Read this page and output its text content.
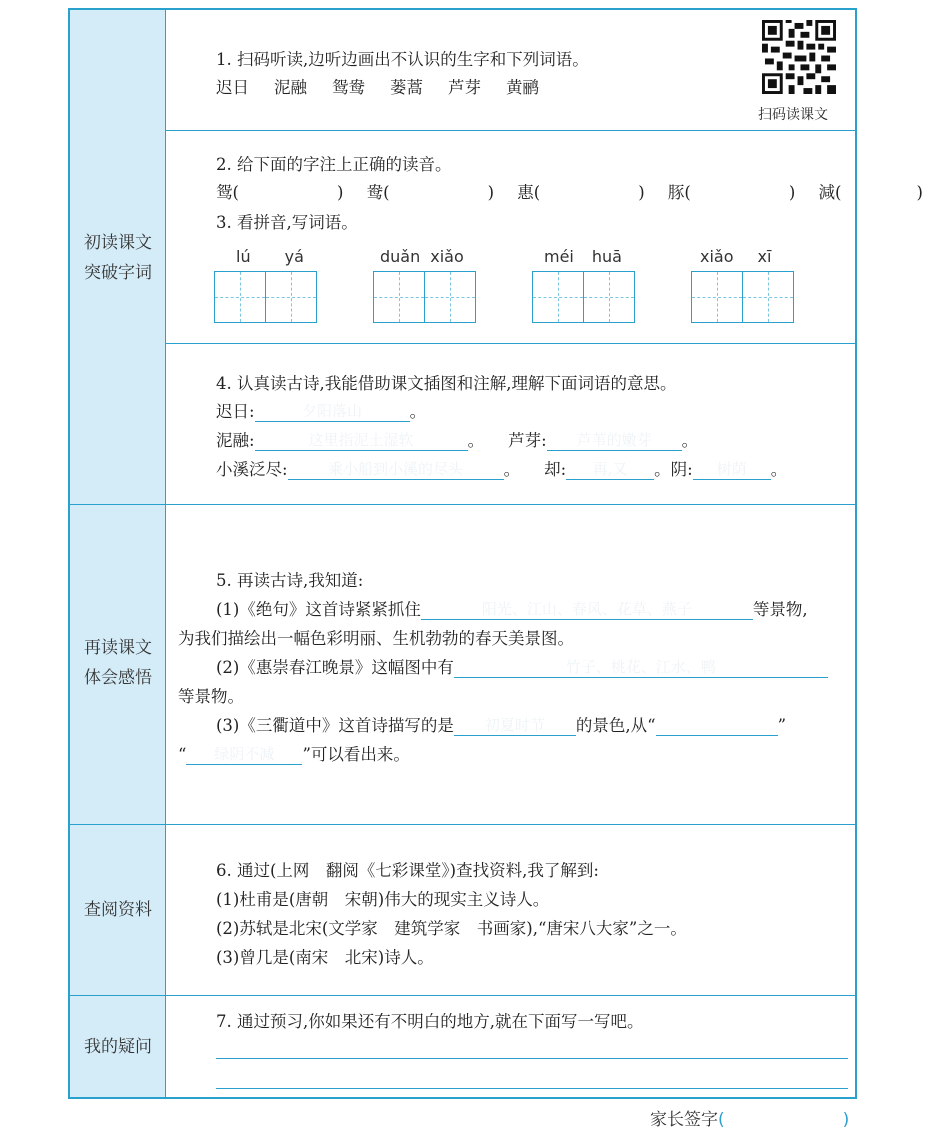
初读课文
突破字词
1. 扫码听读,边听边画出不认识的生字和下列词语。
迟日 泥融 鸳鸯 蒌蒿 芦芽 黄鹂
扫码读课文
2. 给下面的字注上正确的读音。
鸳(	) 鸯(	) 惠(	) 豚(	) 減(	)
3. 看拼音,写词语。
lú yá	duǎn xiǎo	méi huā	xiǎo xī
4. 认真读古诗,我能借助课文插图和注解,理解下面词语的意思。
迟日:	夕阳落山	。
泥融:	这里指泥土湿软	。 芦芽: 芦苇的嫩芽 。
小溪泛尽:	乘小船到小溪的尽头 。 却: 再,又 。阴: 树荫 。
再读课文
体会感悟
5. 再读古诗,我知道:
(1)《绝句》这首诗紧紧抓住	阳光、江山、春风、花草、燕子	等景物,
为我们描绘出一幅色彩明丽、生机勃勃的春天美景图。
(2)《惠崇春江晚景》这幅图中有	竹子、桃花、江水、鸭
等景物。
(3)《三衢道中》这首诗描写的是 初夏时节 的景色,从“	”
“ 绿阴不减 ”可以看出来。
查阅资料
6. 通过(上网　翻阅《七彩课堂》)查找资料,我了解到:
(1)杜甫是(唐朝　宋朝)伟大的现实主义诗人。
(2)苏轼是北宋(文学家　建筑学家　书画家),“唐宋八大家”之一。
(3)曾几是(南宋　北宋)诗人。
我的疑问
7. 通过预习,你如果还有不明白的地方,就在下面写一写吧。
家长签字(	)
